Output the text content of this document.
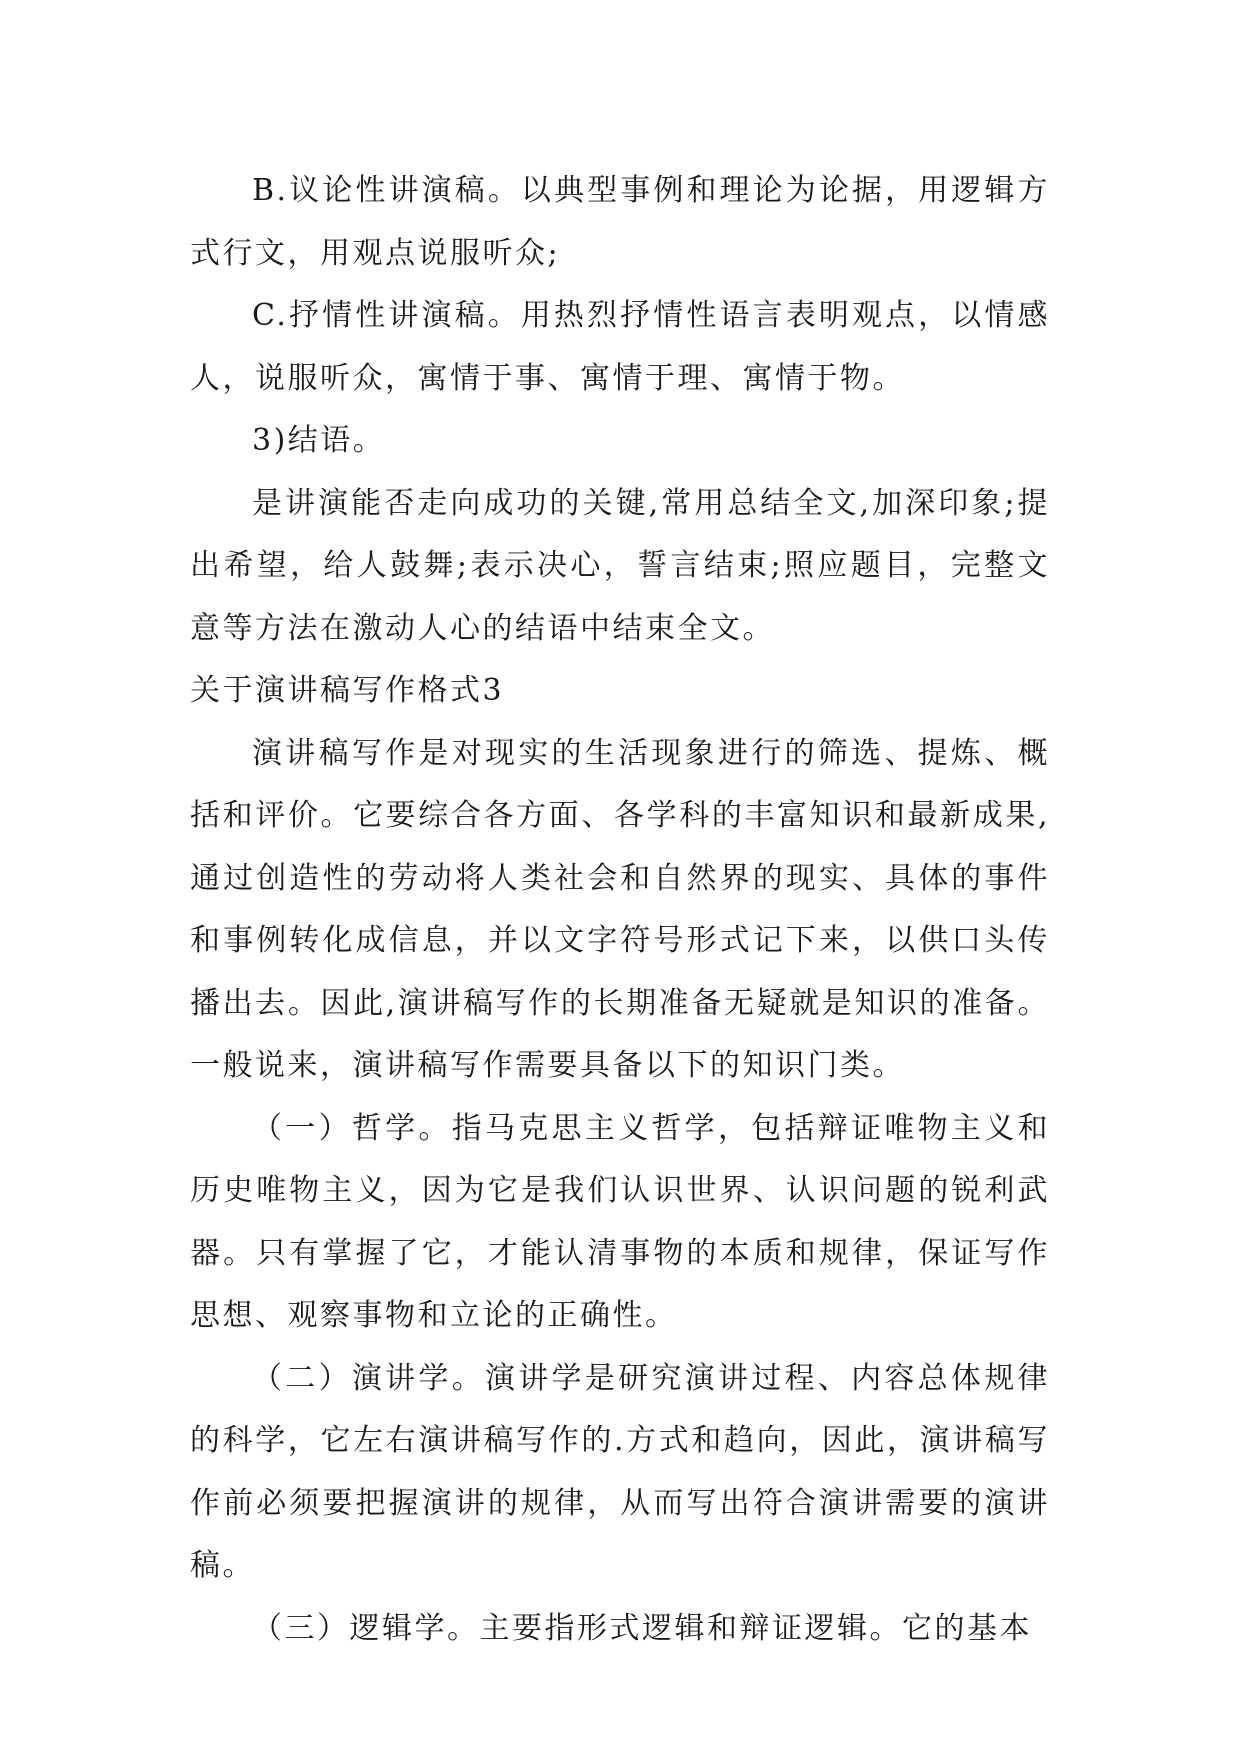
B.议论性讲演稿。以典型事例和理论为论据，用逻辑方式行文，用观点说服听众;

C.抒情性讲演稿。用热烈抒情性语言表明观点，以情感人，说服听众，寓情于事、寓情于理、寓情于物。

3)结语。

是讲演能否走向成功的关键,常用总结全文,加深印象;提出希望，给人鼓舞;表示决心，誓言结束;照应题目，完整文意等方法在激动人心的结语中结束全文。

关于演讲稿写作格式3

演讲稿写作是对现实的生活现象进行的筛选、提炼、概括和评价。它要综合各方面、各学科的丰富知识和最新成果,通过创造性的劳动将人类社会和自然界的现实、具体的事件和事例转化成信息，并以文字符号形式记下来，以供口头传播出去。因此,演讲稿写作的长期准备无疑就是知识的准备。一般说来，演讲稿写作需要具备以下的知识门类。

（一）哲学。指马克思主义哲学，包括辩证唯物主义和历史唯物主义，因为它是我们认识世界、认识问题的锐利武器。只有掌握了它，才能认清事物的本质和规律，保证写作思想、观察事物和立论的正确性。

（二）演讲学。演讲学是研究演讲过程、内容总体规律的科学，它左右演讲稿写作的.方式和趋向，因此，演讲稿写作前必须要把握演讲的规律，从而写出符合演讲需要的演讲稿。

（三）逻辑学。主要指形式逻辑和辩证逻辑。它的基本
